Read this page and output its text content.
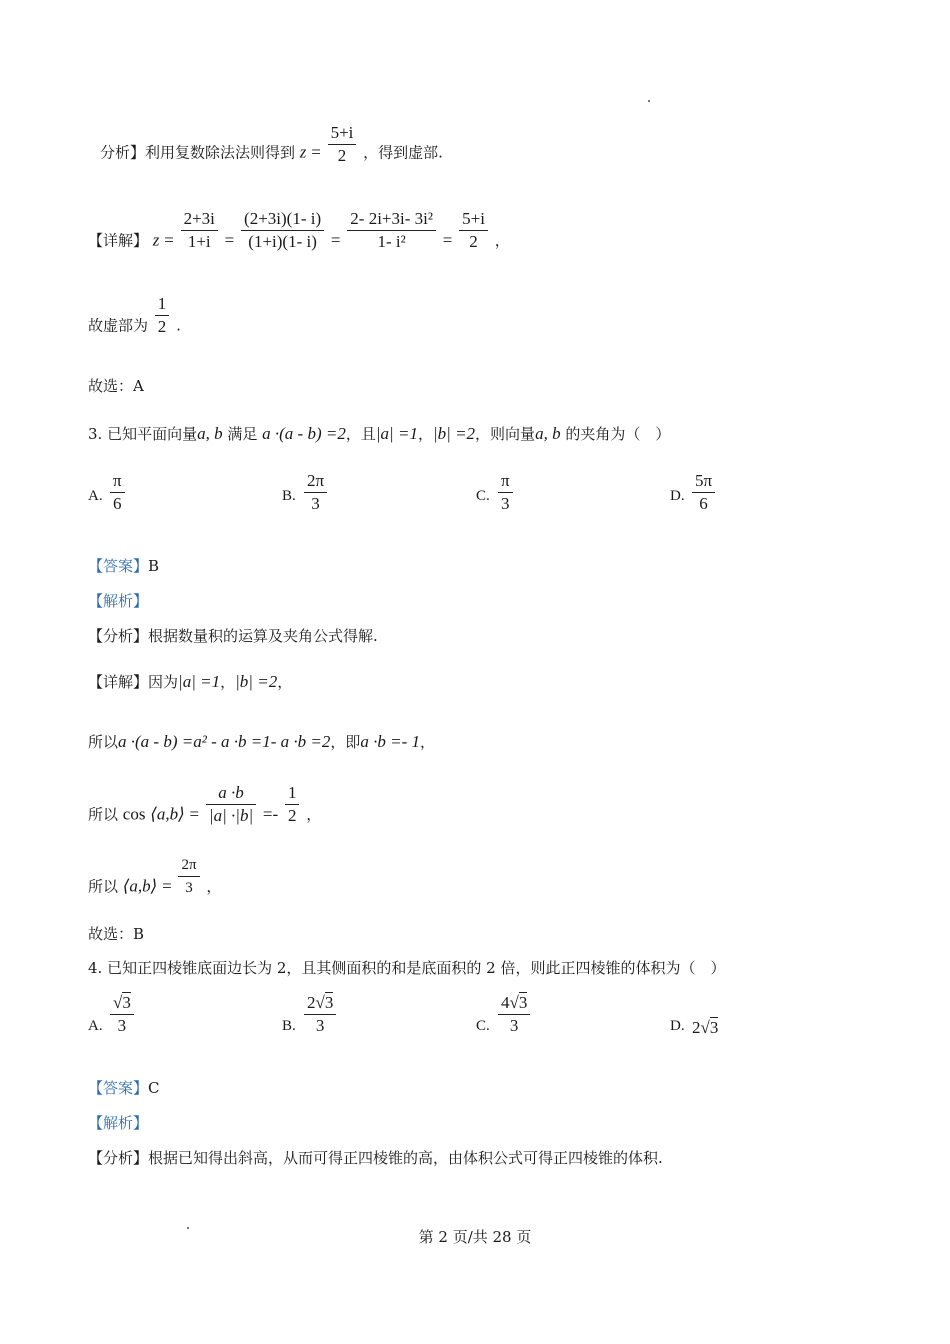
分析】利用复数除法法则得到 $z = \frac{5+i}{2}$ ，得到虚部.
【详解】 $z = \frac{2+3i}{1+i} = \frac{(2+3i)(1- i)}{(1+i)(1- i)} = \frac{\text{2- 2i+3i- 3i²}}{\text{1- i²}} = \frac{5+i}{2}$ ，
故虚部为 $\frac{1}{2}$ .
故选：A
3. 已知平面向量a, b 满足 a ·(a - b) =2，且|a| =1，|b| =2，则向量a, b 的夹角为（　）
A. $\frac{\pi}{6}$	B. $\frac{2\pi}{3}$	C. $\frac{\pi}{3}$	D. $\frac{5\pi}{6}$
【答案】B
【解析】
【分析】根据数量积的运算及夹角公式得解.
【详解】因为|a| =1，|b| =2，
所以a ·(a - b) =a² - a ·b =1- a ·b =2，即a ·b =- 1，
所以 cos ⟨a,b⟩ = $\frac{a \cdot b}{|a| \cdot|b|} =- \frac{1}{2}$ ，
所以 ⟨a,b⟩ = $\frac{2\pi}{3}$ ，
故选：B
4. 已知正四棱锥底面边长为 2，且其侧面积的和是底面积的 2 倍，则此正四棱锥的体积为（　）
A. $\frac{√3}{3}$	B. $\frac{2√3}{3}$	C. $\frac{4√3}{3}$	D. 2√3
【答案】C
【解析】
【分析】根据已知得出斜高，从而可得正四棱锥的高，由体积公式可得正四棱锥的体积.
第 2 页/共 28 页
